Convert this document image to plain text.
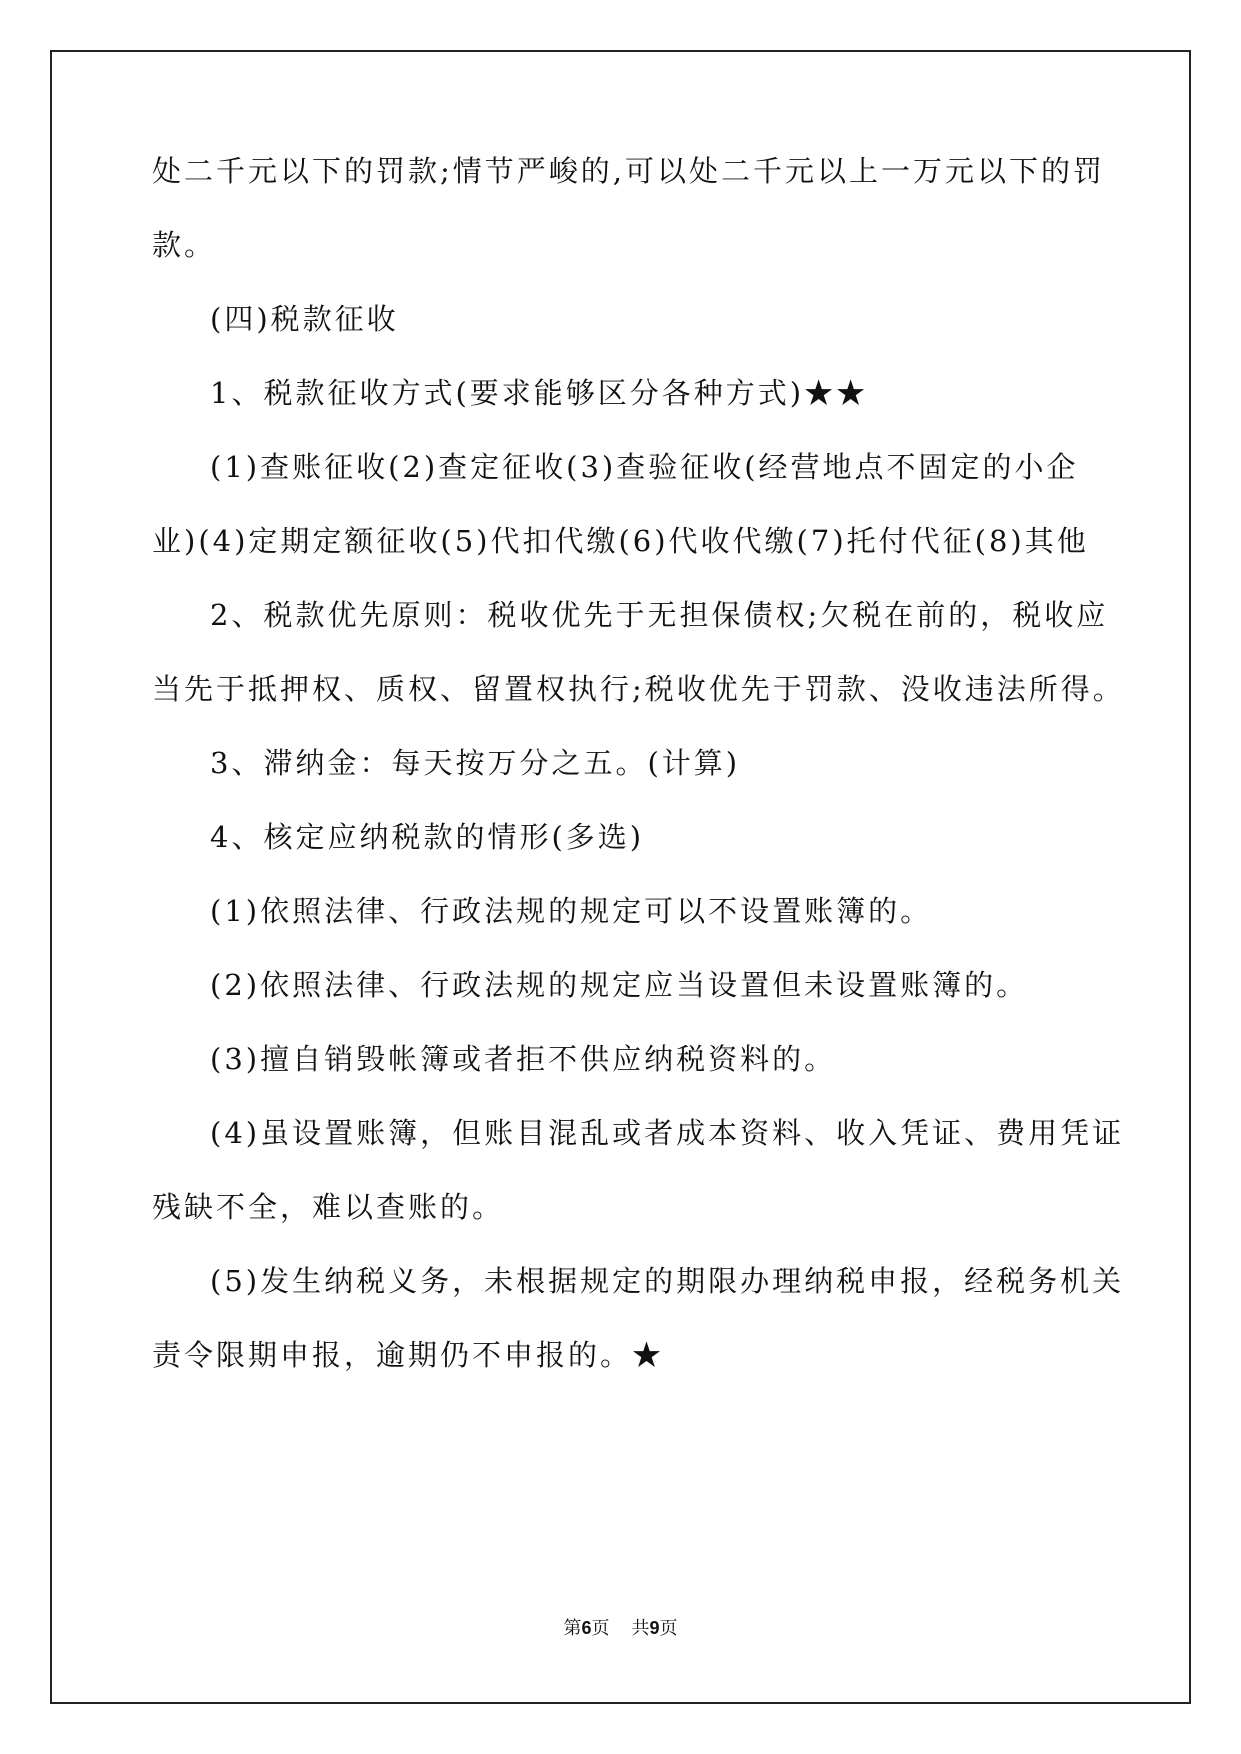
处二千元以下的罚款;情节严峻的,可以处二千元以上一万元以下的罚
款。
(四)税款征收
1、税款征收方式(要求能够区分各种方式)★★
(1)查账征收(2)查定征收(3)查验征收(经营地点不固定的小企
业)(4)定期定额征收(5)代扣代缴(6)代收代缴(7)托付代征(8)其他
2、税款优先原则：税收优先于无担保债权;欠税在前的，税收应
当先于抵押权、质权、留置权执行;税收优先于罚款、没收违法所得。
3、滞纳金：每天按万分之五。(计算)
4、核定应纳税款的情形(多选)
(1)依照法律、行政法规的规定可以不设置账簿的。
(2)依照法律、行政法规的规定应当设置但未设置账簿的。
(3)擅自销毁帐簿或者拒不供应纳税资料的。
(4)虽设置账簿，但账目混乱或者成本资料、收入凭证、费用凭证
残缺不全，难以查账的。
(5)发生纳税义务，未根据规定的期限办理纳税申报，经税务机关
责令限期申报，逾期仍不申报的。★
第6页 共9页
